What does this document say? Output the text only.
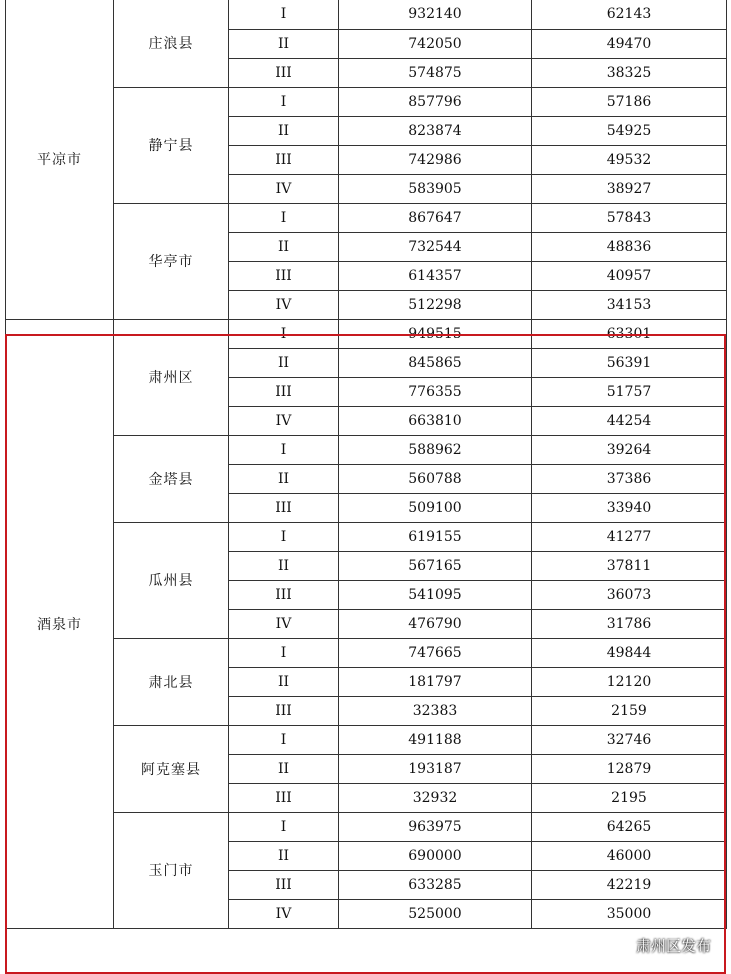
平凉市	庄浪县	I	932140	62143
		II	742050	49470
		III	574875	38325
	静宁县	I	857796	57186
		II	823874	54925
		III	742986	49532
		IV	583905	38927
	华亭市	I	867647	57843
		II	732544	48836
		III	614357	40957
		IV	512298	34153
酒泉市	肃州区	I	949515	63301
		II	845865	56391
		III	776355	51757
		IV	663810	44254
	金塔县	I	588962	39264
		II	560788	37386
		III	509100	33940
	瓜州县	I	619155	41277
		II	567165	37811
		III	541095	36073
		IV	476790	31786
	肃北县	I	747665	49844
		II	181797	12120
		III	32383	2159
	阿克塞县	I	491188	32746
		II	193187	12879
		III	32932	2195
	玉门市	I	963975	64265
		II	690000	46000
		III	633285	42219
		IV	525000	35000
肃州区发布
